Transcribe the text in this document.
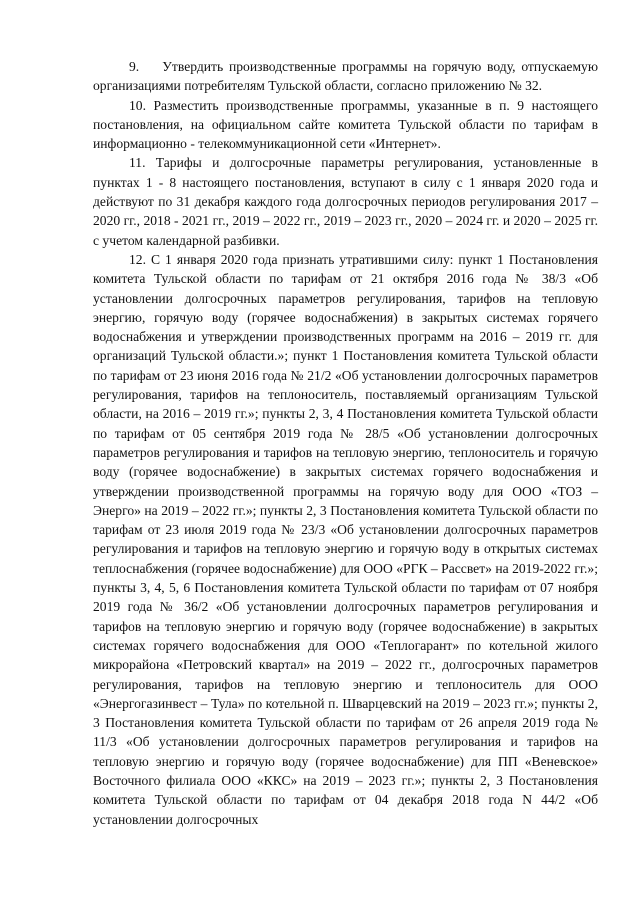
9.    Утвердить производственные программы на горячую воду, отпускаемую организациями потребителям Тульской области, согласно приложению № 32.

10. Разместить производственные программы, указанные в п. 9 настоящего постановления, на официальном сайте комитета Тульской области по тарифам в информационно - телекоммуникационной сети «Интернет».

11. Тарифы и долгосрочные параметры регулирования, установленные в пунктах 1 - 8 настоящего постановления, вступают в силу с 1 января 2020 года и действуют по 31 декабря каждого года долгосрочных периодов регулирования 2017 – 2020 гг., 2018 - 2021 гг., 2019 – 2022 гг., 2019 – 2023 гг., 2020 – 2024 гг. и 2020 – 2025 гг. с учетом календарной разбивки.

12. С 1 января 2020 года признать утратившими силу: пункт 1 Постановления комитета Тульской области по тарифам от 21 октября 2016 года № 38/3 «Об установлении долгосрочных параметров регулирования, тарифов на тепловую энергию, горячую воду (горячее водоснабжения) в закрытых системах горячего водоснабжения и утверждении производственных программ на 2016 – 2019 гг. для организаций Тульской области.»; пункт 1 Постановления комитета Тульской области по тарифам от 23 июня 2016 года № 21/2 «Об установлении долгосрочных параметров регулирования, тарифов на теплоноситель, поставляемый организациям Тульской области, на 2016 – 2019 гг.»; пункты 2, 3, 4 Постановления комитета Тульской области по тарифам от 05 сентября 2019 года № 28/5 «Об установлении долгосрочных параметров регулирования и тарифов на тепловую энергию, теплоноситель и горячую воду (горячее водоснабжение) в закрытых системах горячего водоснабжения и утверждении производственной программы на горячую воду для ООО «ТОЗ – Энерго» на 2019 – 2022 гг.»; пункты 2, 3 Постановления комитета Тульской области по тарифам от 23 июля 2019 года № 23/3 «Об установлении долгосрочных параметров регулирования и тарифов на тепловую энергию и горячую воду в открытых системах теплоснабжения (горячее водоснабжение) для ООО «РГК – Рассвет» на 2019-2022 гг.»; пункты 3, 4, 5, 6 Постановления комитета Тульской области по тарифам от 07 ноября 2019 года № 36/2 «Об установлении долгосрочных параметров регулирования и тарифов на тепловую энергию и горячую воду (горячее водоснабжение) в закрытых системах горячего водоснабжения для ООО «Теплогарант» по котельной жилого микрорайона «Петровский квартал» на 2019 – 2022 гг., долгосрочных параметров регулирования, тарифов на тепловую энергию и теплоноситель для ООО «Энергогазинвест – Тула» по котельной п. Шварцевский на 2019 – 2023 гг.»; пункты 2, 3 Постановления комитета Тульской области по тарифам от 26 апреля 2019 года № 11/3 «Об установлении долгосрочных параметров регулирования и тарифов на тепловую энергию и горячую воду (горячее водоснабжение) для ПП «Веневское» Восточного филиала ООО «ККС» на 2019 – 2023 гг.»; пункты 2, 3 Постановления комитета Тульской области по тарифам от 04 декабря 2018 года N 44/2 «Об установлении долгосрочных
